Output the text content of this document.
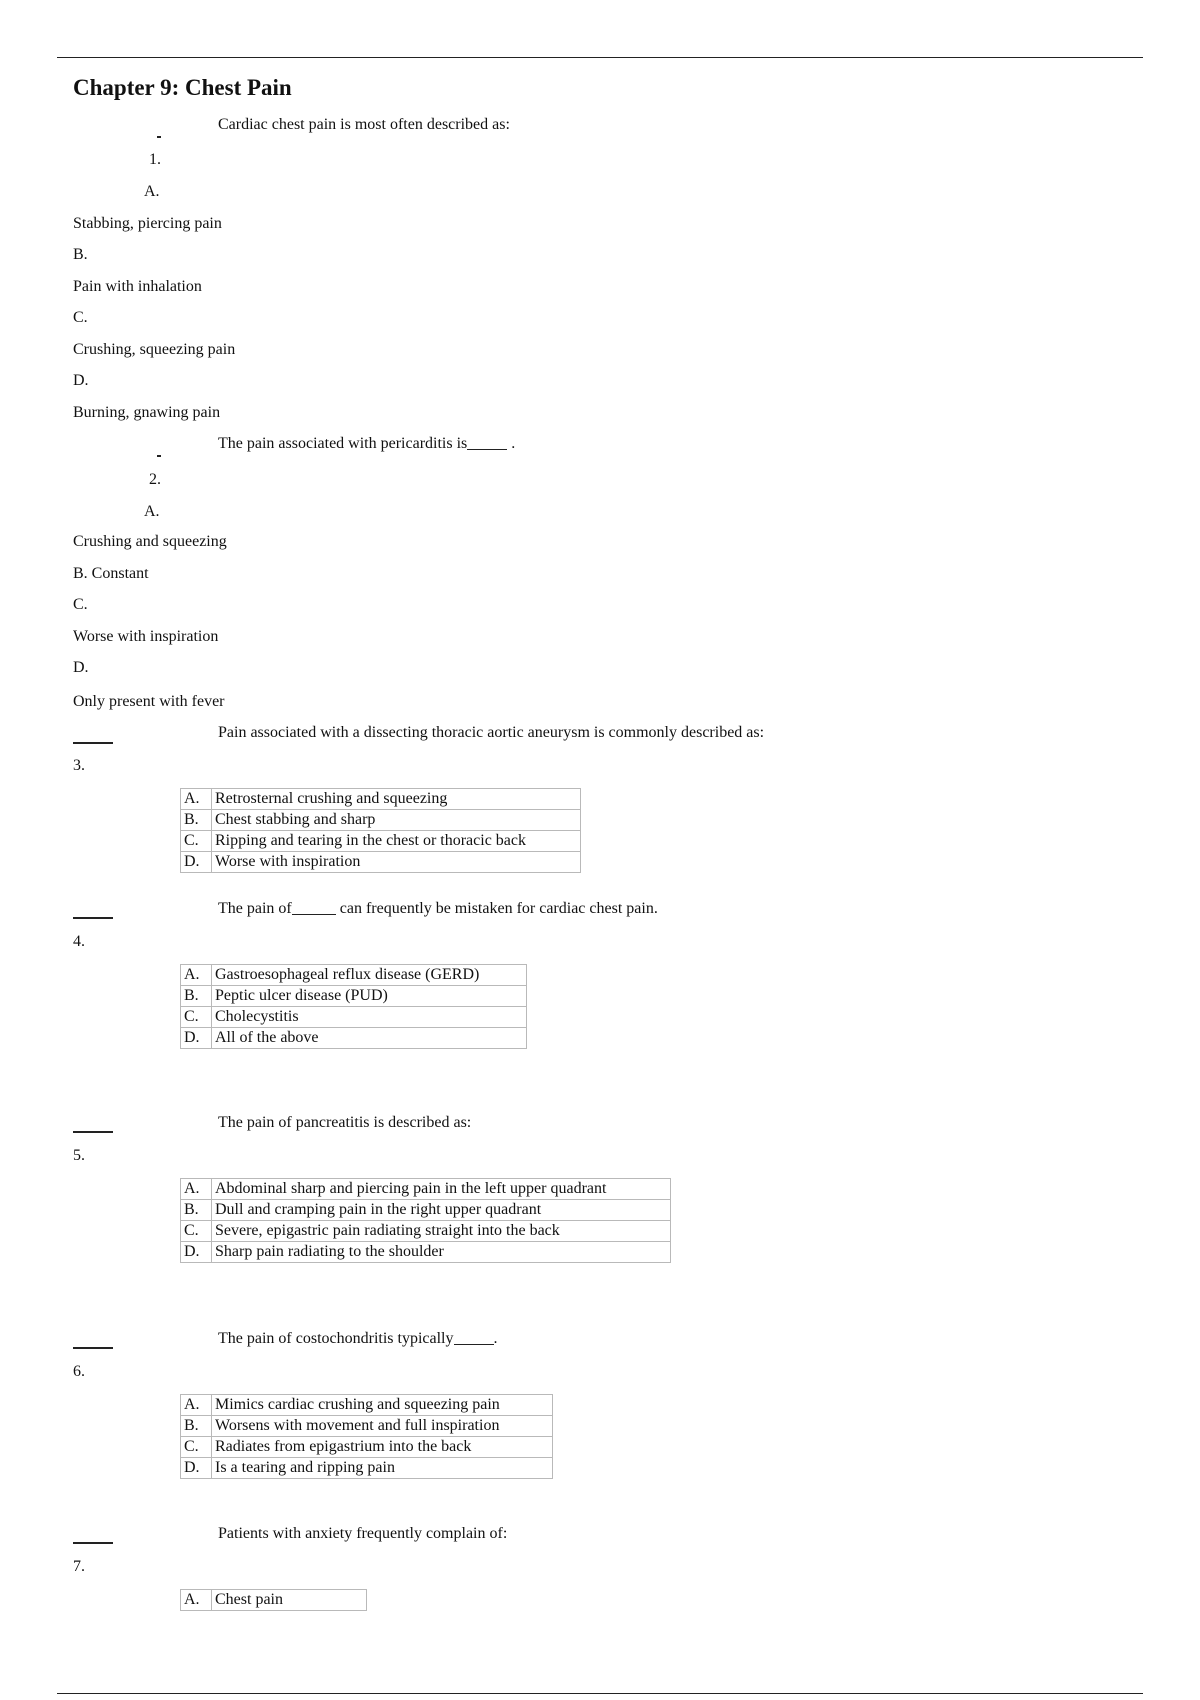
Chapter 9: Chest Pain
Cardiac chest pain is most often described as:
1.
A.
Stabbing, piercing pain
B.
Pain with inhalation
C.
Crushing, squeezing pain
D.
Burning, gnawing pain
The pain associated with pericarditis is	.
2.
A.
Crushing and squeezing
B. Constant
C.
Worse with inspiration
D.
Only present with fever
Pain associated with a dissecting thoracic aortic aneurysm is commonly described as:
3.
A.	Retrosternal crushing and squeezing
B.	Chest stabbing and sharp
C.	Ripping and tearing in the chest or thoracic back
D.	Worse with inspiration
The pain of	can frequently be mistaken for cardiac chest pain.
4.
A.	Gastroesophageal reflux disease (GERD)
B.	Peptic ulcer disease (PUD)
C.	Cholecystitis
D.	All of the above
The pain of pancreatitis is described as:
5.
A.	Abdominal sharp and piercing pain in the left upper quadrant
B.	Dull and cramping pain in the right upper quadrant
C.	Severe, epigastric pain radiating straight into the back
D.	Sharp pain radiating to the shoulder
The pain of costochondritis typically	.
6.
A.	Mimics cardiac crushing and squeezing pain
B.	Worsens with movement and full inspiration
C.	Radiates from epigastrium into the back
D.	Is a tearing and ripping pain
Patients with anxiety frequently complain of:
7.
A.	Chest pain
